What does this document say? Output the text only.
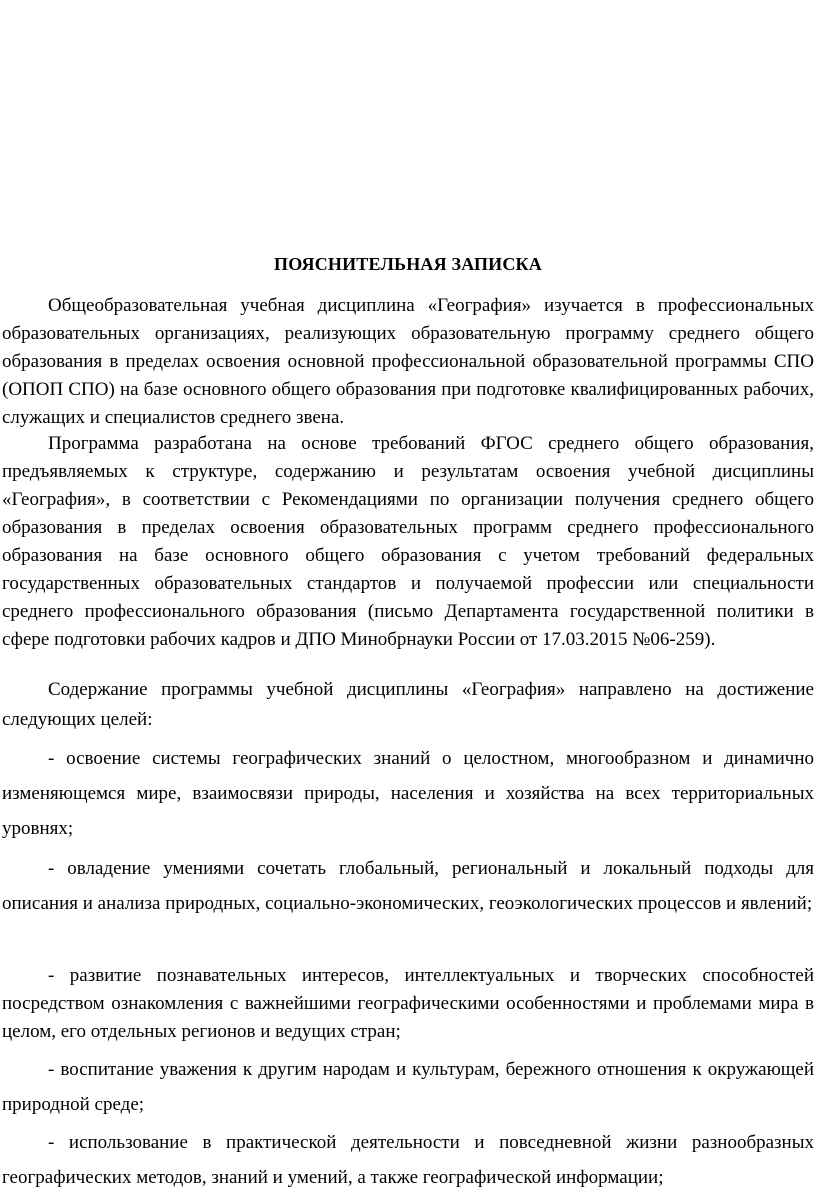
ПОЯСНИТЕЛЬНАЯ ЗАПИСКА

Общеобразовательная учебная дисциплина «География» изучается в профессиональных образовательных организациях, реализующих образовательную программу среднего общего образования в пределах освоения основной профессиональной образовательной программы СПО (ОПОП СПО) на базе основного общего образования при подготовке квалифицированных рабочих, служащих и специалистов среднего звена.

Программа разработана на основе требований ФГОС среднего общего образования, предъявляемых к структуре, содержанию и результатам освоения учебной дисциплины «География», в соответствии с Рекомендациями по организации получения среднего общего образования в пределах освоения образовательных программ среднего профессионального образования на базе основного общего образования с учетом требований федеральных государственных образовательных стандартов и получаемой профессии или специальности среднего профессионального образования (письмо Департамента государственной политики в сфере подготовки рабочих кадров и ДПО Минобрнауки России от 17.03.2015 №06-259).

Содержание программы учебной дисциплины «География» направлено на достижение следующих целей:

- освоение системы географических знаний о целостном, многообразном и динамично изменяющемся мире, взаимосвязи природы, населения и хозяйства на всех территориальных уровнях;

- овладение умениями сочетать глобальный, региональный и локальный подходы для описания и анализа природных, социально-экономических, геоэкологических процессов и явлений;

- развитие познавательных интересов, интеллектуальных и творческих способностей посредством ознакомления с важнейшими географическими особенностями и проблемами мира в целом, его отдельных регионов и ведущих стран;

- воспитание уважения к другим народам и культурам, бережного отношения к окружающей природной среде;

- использование в практической деятельности и повседневной жизни разнообразных географических методов, знаний и умений, а также географической информации;
